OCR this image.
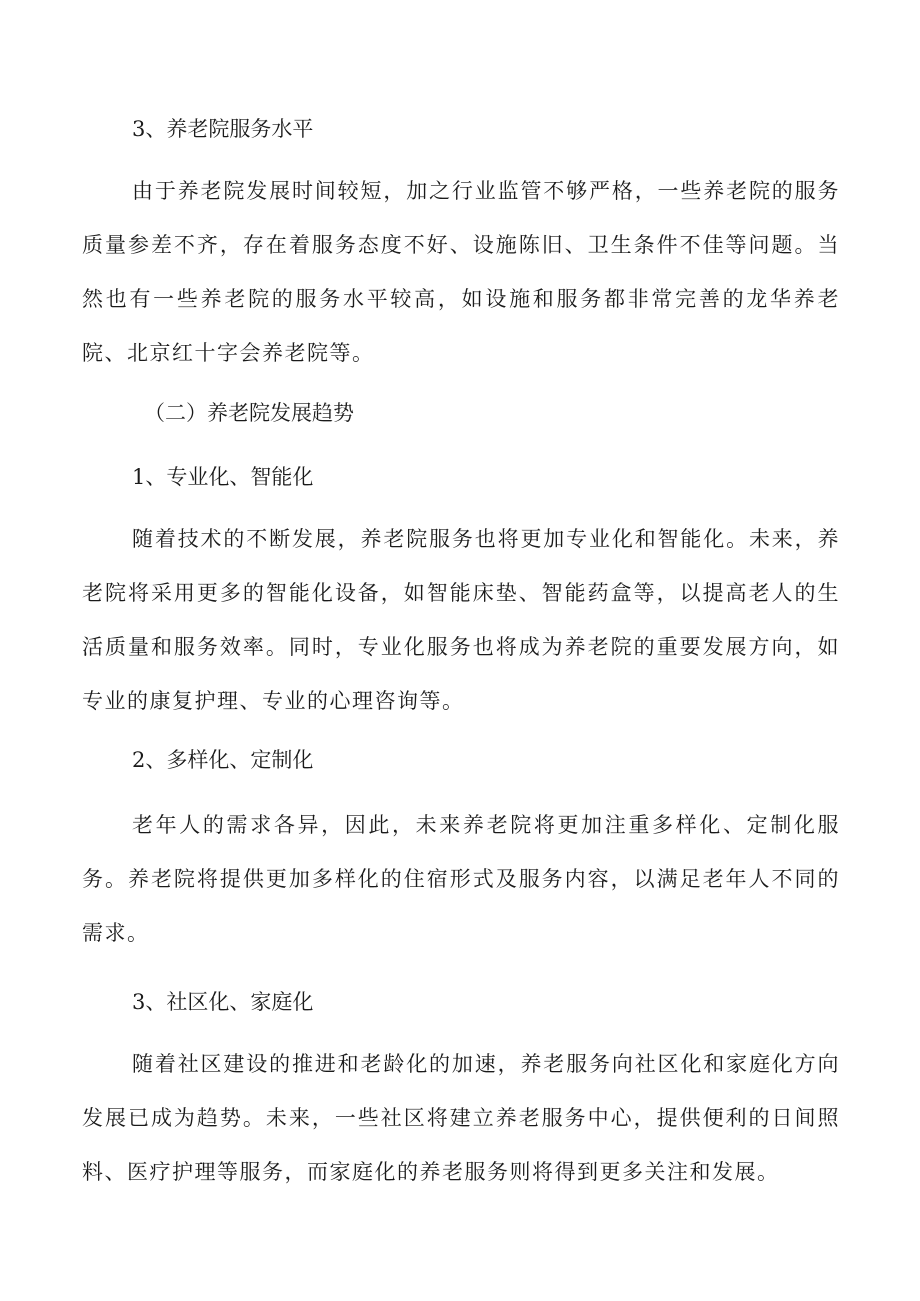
3、养老院服务水平

由于养老院发展时间较短，加之行业监管不够严格，一些养老院的服务质量参差不齐，存在着服务态度不好、设施陈旧、卫生条件不佳等问题。当然也有一些养老院的服务水平较高，如设施和服务都非常完善的龙华养老院、北京红十字会养老院等。

（二）养老院发展趋势
1、专业化、智能化

随着技术的不断发展，养老院服务也将更加专业化和智能化。未来，养老院将采用更多的智能化设备，如智能床垫、智能药盒等，以提高老人的生活质量和服务效率。同时，专业化服务也将成为养老院的重要发展方向，如专业的康复护理、专业的心理咨询等。

2、多样化、定制化

老年人的需求各异，因此，未来养老院将更加注重多样化、定制化服务。养老院将提供更加多样化的住宿形式及服务内容，以满足老年人不同的需求。

3、社区化、家庭化

随着社区建设的推进和老龄化的加速，养老服务向社区化和家庭化方向发展已成为趋势。未来，一些社区将建立养老服务中心，提供便利的日间照料、医疗护理等服务，而家庭化的养老服务则将得到更多关注和发展。
